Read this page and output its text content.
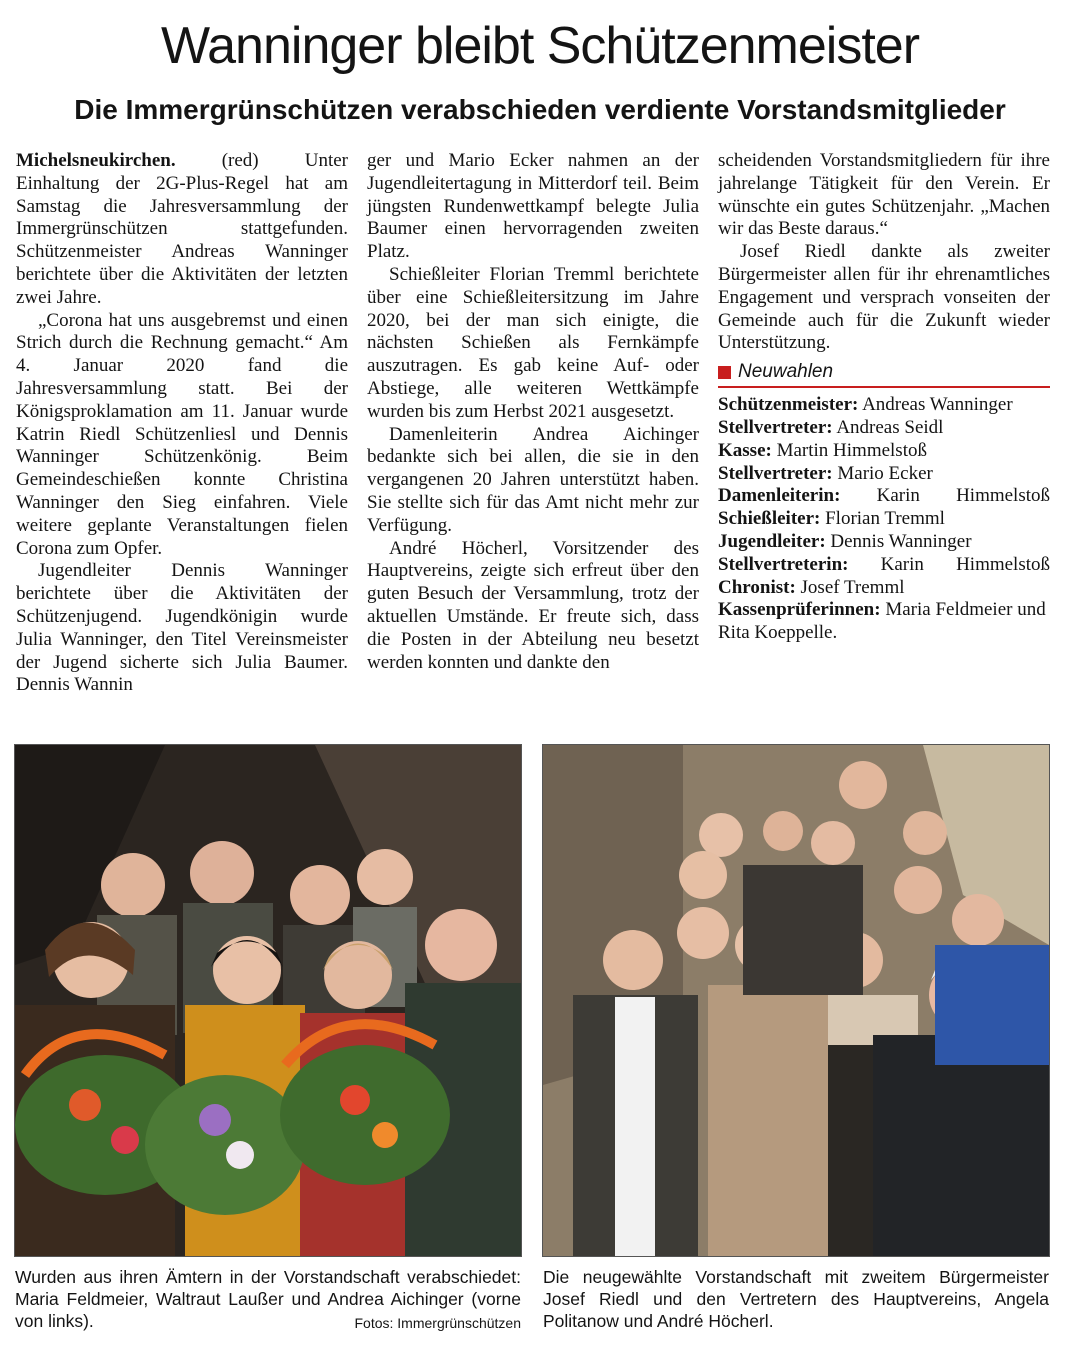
Wanninger bleibt Schützenmeister
Die Immergrünschützen verabschieden verdiente Vorstandsmitglieder

Michelsneukirchen. (red) Unter Einhaltung der 2G-Plus-Regel hat am Samstag die Jahresversammlung der Immergrünschützen stattgefunden. Schützenmeister Andreas Wanninger berichtete über die Aktivitäten der letzten zwei Jahre.

„Corona hat uns ausgebremst und einen Strich durch die Rechnung gemacht.“ Am 4. Januar 2020 fand die Jahresversammlung statt. Bei der Königsproklamation am 11. Januar wurde Katrin Riedl Schützenliesl und Dennis Wanninger Schützenkönig. Beim Gemeindeschießen konnte Christina Wanninger den Sieg einfahren. Viele weitere geplante Veranstaltungen fielen Corona zum Opfer.

Jugendleiter Dennis Wanninger berichtete über die Aktivitäten der Schützenjugend. Jugendkönigin wurde Julia Wanninger, den Titel Vereinsmeister der Jugend sicherte sich Julia Baumer. Dennis Wannin

ger und Mario Ecker nahmen an der Jugendleitertagung in Mitterdorf teil. Beim jüngsten Rundenwettkampf belegte Julia Baumer einen hervorragenden zweiten Platz.

Schießleiter Florian Tremml berichtete über eine Schießleitersitzung im Jahre 2020, bei der man sich einigte, die nächsten Schießen als Fernkämpfe auszutragen. Es gab keine Auf- oder Abstiege, alle weiteren Wettkämpfe wurden bis zum Herbst 2021 ausgesetzt.

Damenleiterin Andrea Aichinger bedankte sich bei allen, die sie in den vergangenen 20 Jahren unterstützt haben. Sie stellte sich für das Amt nicht mehr zur Verfügung.

André Höcherl, Vorsitzender des Hauptvereins, zeigte sich erfreut über den guten Besuch der Versammlung, trotz der aktuellen Umstände. Er freute sich, dass die Posten in der Abteilung neu besetzt werden konnten und dankte den

scheidenden Vorstandsmitgliedern für ihre jahrelange Tätigkeit für den Verein. Er wünschte ein gutes Schützenjahr. „Machen wir das Beste daraus.“

Josef Riedl dankte als zweiter Bürgermeister allen für ihr ehrenamtliches Engagement und versprach vonseiten der Gemeinde auch für die Zukunft wieder Unterstützung.

Neuwahlen

Schützenmeister: Andreas Wanninger

Stellvertreter: Andreas Seidl

Kasse: Martin Himmelstoß

Stellvertreter: Mario Ecker

Damenleiterin: Karin Himmelstoß

Schießleiter: Florian Tremml

Jugendleiter: Dennis Wanninger

Stellvertreterin: Karin Himmelstoß

Chronist: Josef Tremml

Kassenprüferinnen: Maria Feldmeier und Rita Koeppelle.

Wurden aus ihren Ämtern in der Vorstandschaft verabschiedet: Maria Feldmeier, Waltraut Laußer und Andrea Aichinger (vorne von links).	Fotos: Immergrünschützen

Die neugewählte Vorstandschaft mit zweitem Bürgermeister Josef Riedl und den Vertretern des Hauptvereins, Angela Politanow und André Höcherl.
